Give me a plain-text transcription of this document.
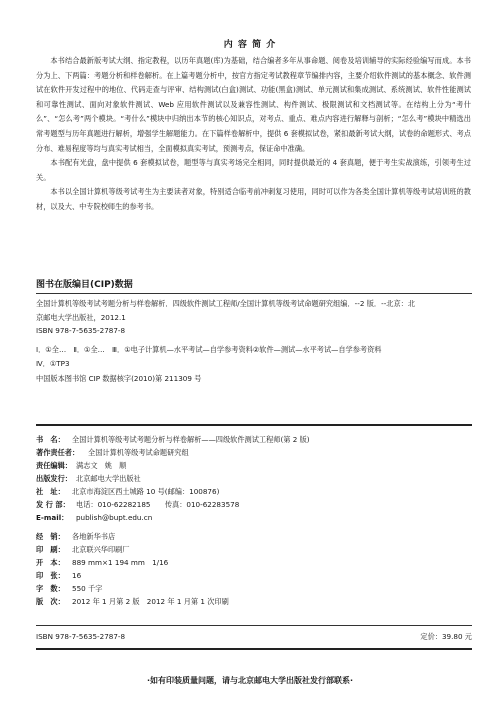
内 容 简 介

本书结合最新版考试大纲、指定教程，以历年真题(库)为基础，结合编者多年从事命题、阅卷及培训辅导的实际经验编写而成。本书分为上、下两篇：考题分析和样卷解析。在上篇考题分析中，按官方指定考试教程章节编排内容，主要介绍软件测试的基本概念、软件测试在软件开发过程中的地位、代码走查与评审、结构测试(白盒)测试、功能(黑盒)测试、单元测试和集成测试、系统测试、软件性能测试和可靠性测试、面向对象软件测试、Web 应用软件测试以及兼容性测试、构件测试、极限测试和文档测试等。在结构上分为“考什么”、“怎么考”两个模块。“考什么”模块中归纳出本节的核心知识点，对考点、重点、难点内容进行解释与剖析；“怎么考”模块中精选出常考题型与历年真题进行解析，增强学生解题能力。在下篇样卷解析中，提供 6 套模拟试卷，紧扣最新考试大纲，试卷的命题形式、考点分布、难易程度等均与真实考试相当，全面模拟真实考试，预测考点，保证命中准确。

本书配有光盘，盘中提供 6 套模拟试卷，题型等与真实考场完全相同，同时提供最近的 4 套真题，便于考生实战演练，引领考生过关。

本书以全国计算机等级考试考生为主要读者对象，特别适合临考前冲刺复习使用，同时可以作为各类全国计算机等级考试培训班的教材，以及大、中专院校师生的参考书。

图书在版编目(CIP)数据
全国计算机等级考试考题分析与样卷解析．四级软件测试工程师/全国计算机等级考试命题研究组编．--2 版．--北京：北
京邮电大学出版社，2012.1
ISBN 978-7-5635-2787-8
Ⅰ．①全…　Ⅱ．①全…　Ⅲ．①电子计算机—水平考试—自学参考资料②软件—测试—水平考试—自学参考资料
Ⅳ．①TP3
中国版本图书馆 CIP 数据核字(2010)第 211309 号
书　名：	全国计算机等级考试考题分析与样卷解析——四级软件测试工程师(第 2 版)
著作责任者：	全国计算机等级考试命题研究组
责任编辑： 满志文　姚　顺
出版发行： 北京邮电大学出版社
社　址：	北京市海淀区西土城路 10 号(邮编：100876)
发 行 部： 电话：010-62282185　　传真：010-62283578
E-mail：	publish@bupt.edu.cn
经　销：	各地新华书店
印　刷：	北京联兴华印刷厂
开　本：	889 mm×1 194 mm　1/16
印　张：	16
字　数：	550 千字
版　次：	2012 年 1 月第 2 版　2012 年 1 月第 1 次印刷
ISBN 978-7-5635-2787-8	定价：39.80 元
·如有印装质量问题，请与北京邮电大学出版社发行部联系·
